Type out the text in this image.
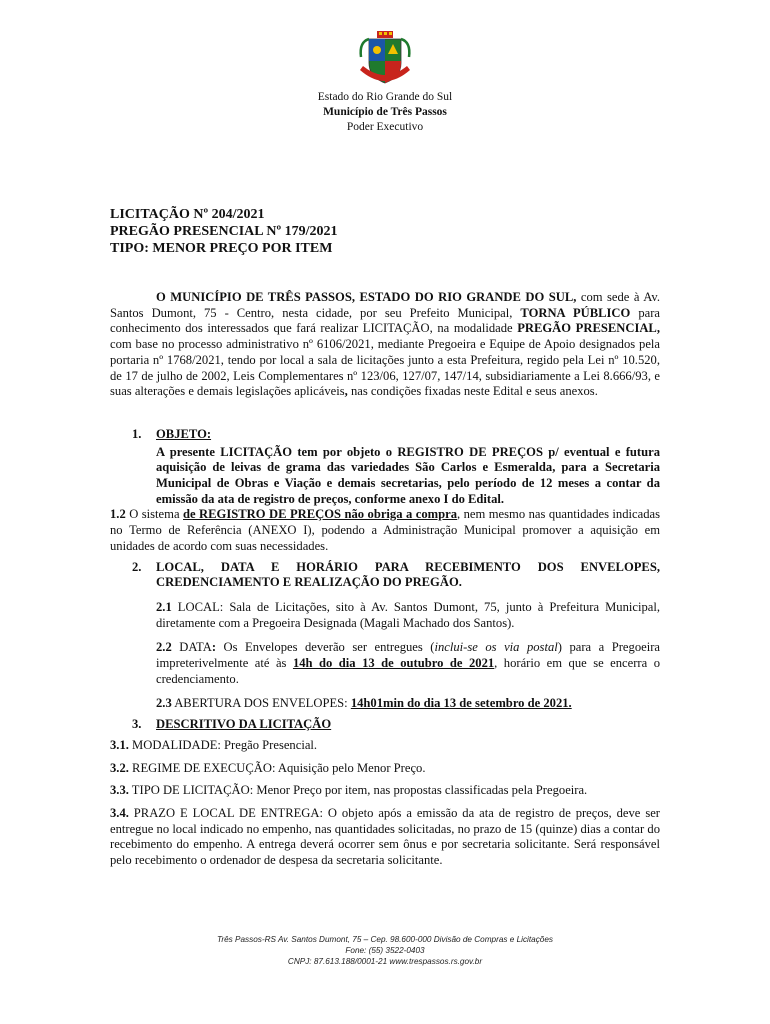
Estado do Rio Grande do Sul
Município de Três Passos
Poder Executivo
LICITAÇÃO Nº 204/2021
PREGÃO PRESENCIAL Nº 179/2021
TIPO: MENOR PREÇO POR ITEM

O MUNICÍPIO DE TRÊS PASSOS, ESTADO DO RIO GRANDE DO SUL, com sede à Av. Santos Dumont, 75 - Centro, nesta cidade, por seu Prefeito Municipal, TORNA PÚBLICO para conhecimento dos interessados que fará realizar LICITAÇÃO, na modalidade PREGÃO PRESENCIAL, com base no processo administrativo nº 6106/2021, mediante Pregoeira e Equipe de Apoio designados pela portaria nº 1768/2021, tendo por local a sala de licitações junto a esta Prefeitura, regido pela Lei nº 10.520, de 17 de julho de 2002, Leis Complementares nº 123/06, 127/07, 147/14, subsidiariamente a Lei 8.666/93, e suas alterações e demais legislações aplicáveis, nas condições fixadas neste Edital e seus anexos.

1.	OBJETO:

A presente LICITAÇÃO tem por objeto o REGISTRO DE PREÇOS p/ eventual e futura aquisição de leivas de grama das variedades São Carlos e Esmeralda, para a Secretaria Municipal de Obras e Viação e demais secretarias, pelo período de 12 meses a contar da emissão da ata de registro de preços, conforme anexo I do Edital.

1.2 O sistema de REGISTRO DE PREÇOS não obriga a compra, nem mesmo nas quantidades indicadas no Termo de Referência (ANEXO I), podendo a Administração Municipal promover a aquisição em unidades de acordo com suas necessidades.

2.	LOCAL, DATA E HORÁRIO PARA RECEBIMENTO DOS ENVELOPES, CREDENCIAMENTO E REALIZAÇÃO DO PREGÃO.

2.1 LOCAL: Sala de Licitações, sito à Av. Santos Dumont, 75, junto à Prefeitura Municipal, diretamente com a Pregoeira Designada (Magali Machado dos Santos).

2.2 DATA: Os Envelopes deverão ser entregues (inclui-se os via postal) para a Pregoeira impreterivelmente até às 14h do dia 13 de outubro de 2021, horário em que se encerra o credenciamento.

2.3 ABERTURA DOS ENVELOPES: 14h01min do dia 13 de setembro de 2021.

3.	DESCRITIVO DA LICITAÇÃO

3.1. MODALIDADE: Pregão Presencial.

3.2. REGIME DE EXECUÇÃO: Aquisição pelo Menor Preço.

3.3. TIPO DE LICITAÇÃO: Menor Preço por item, nas propostas classificadas pela Pregoeira.

3.4. PRAZO E LOCAL DE ENTREGA: O objeto após a emissão da ata de registro de preços, deve ser entregue no local indicado no empenho, nas quantidades solicitadas, no prazo de 15 (quinze) dias a contar do recebimento do empenho. A entrega deverá ocorrer sem ônus e por secretaria solicitante. Será responsável pelo recebimento o ordenador de despesa da secretaria solicitante.

Três Passos-RS Av. Santos Dumont, 75 – Cep. 98.600-000 Divisão de Compras e Licitações
Fone: (55) 3522-0403
CNPJ: 87.613.188/0001-21 www.trespassos.rs.gov.br
